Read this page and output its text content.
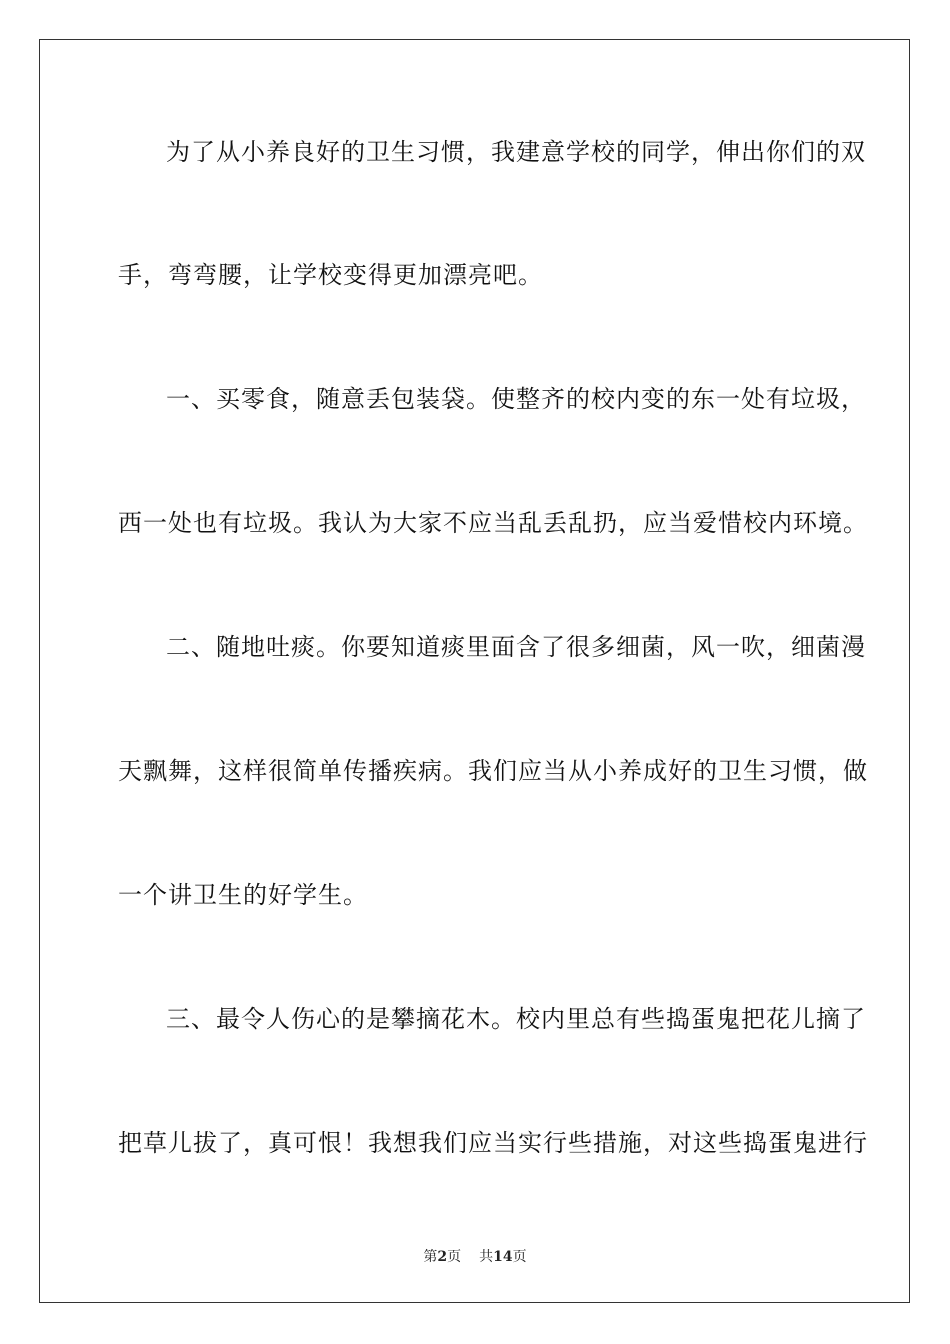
为了从小养良好的卫生习惯，我建意学校的同学，伸出你们的双
手，弯弯腰，让学校变得更加漂亮吧。
一、买零食，随意丢包装袋。使整齐的校内变的东一处有垃圾，
西一处也有垃圾。我认为大家不应当乱丢乱扔，应当爱惜校内环境。
二、随地吐痰。你要知道痰里面含了很多细菌，风一吹，细菌漫
天飘舞，这样很简单传播疾病。我们应当从小养成好的卫生习惯，做
一个讲卫生的好学生。
三、最令人伤心的是攀摘花木。校内里总有些捣蛋鬼把花儿摘了
把草儿拔了，真可恨！我想我们应当实行些措施，对这些捣蛋鬼进行
第2页 共14页
